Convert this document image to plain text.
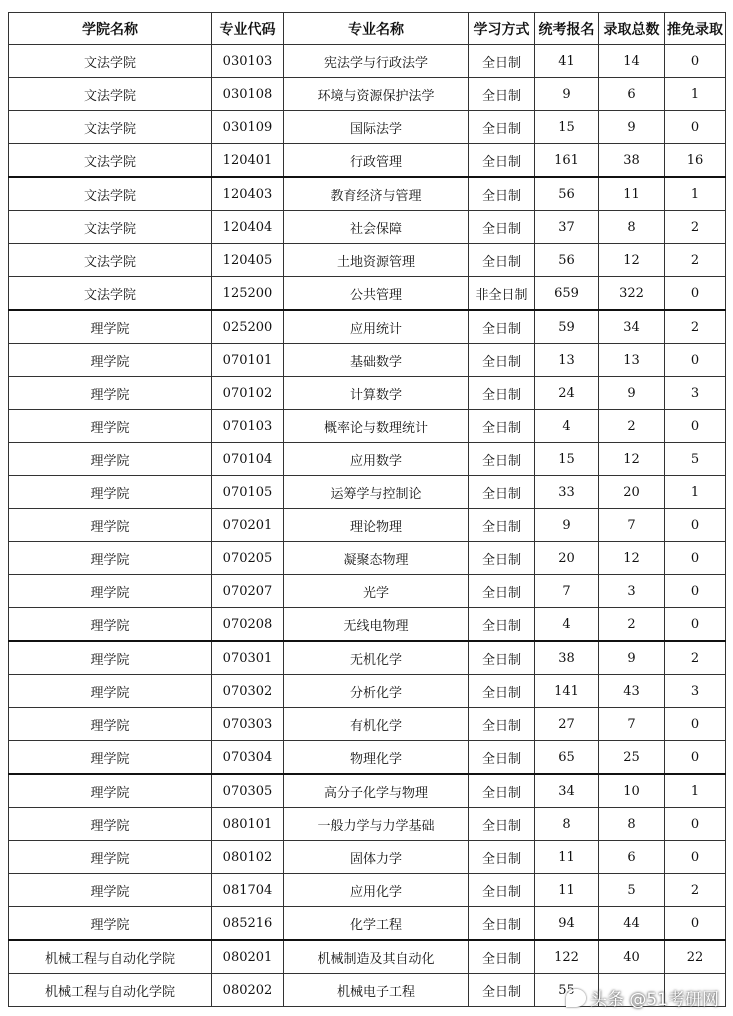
学院名称	专业代码	专业名称	学习方式	统考报名	录取总数	推免录取
文法学院	030103	宪法学与行政法学	全日制	41	14	0
文法学院	030108	环境与资源保护法学	全日制	9	6	1
文法学院	030109	国际法学	全日制	15	9	0
文法学院	120401	行政管理	全日制	161	38	16
文法学院	120403	教育经济与管理	全日制	56	11	1
文法学院	120404	社会保障	全日制	37	8	2
文法学院	120405	土地资源管理	全日制	56	12	2
文法学院	125200	公共管理	非全日制	659	322	0
理学院	025200	应用统计	全日制	59	34	2
理学院	070101	基础数学	全日制	13	13	0
理学院	070102	计算数学	全日制	24	9	3
理学院	070103	概率论与数理统计	全日制	4	2	0
理学院	070104	应用数学	全日制	15	12	5
理学院	070105	运筹学与控制论	全日制	33	20	1
理学院	070201	理论物理	全日制	9	7	0
理学院	070205	凝聚态物理	全日制	20	12	0
理学院	070207	光学	全日制	7	3	0
理学院	070208	无线电物理	全日制	4	2	0
理学院	070301	无机化学	全日制	38	9	2
理学院	070302	分析化学	全日制	141	43	3
理学院	070303	有机化学	全日制	27	7	0
理学院	070304	物理化学	全日制	65	25	0
理学院	070305	高分子化学与物理	全日制	34	10	1
理学院	080101	一般力学与力学基础	全日制	8	8	0
理学院	080102	固体力学	全日制	11	6	0
理学院	081704	应用化学	全日制	11	5	2
理学院	085216	化学工程	全日制	94	44	0
机械工程与自动化学院	080201	机械制造及其自动化	全日制	122	40	22
机械工程与自动化学院	080202	机械电子工程	全日制	55		头条 @51考研网
